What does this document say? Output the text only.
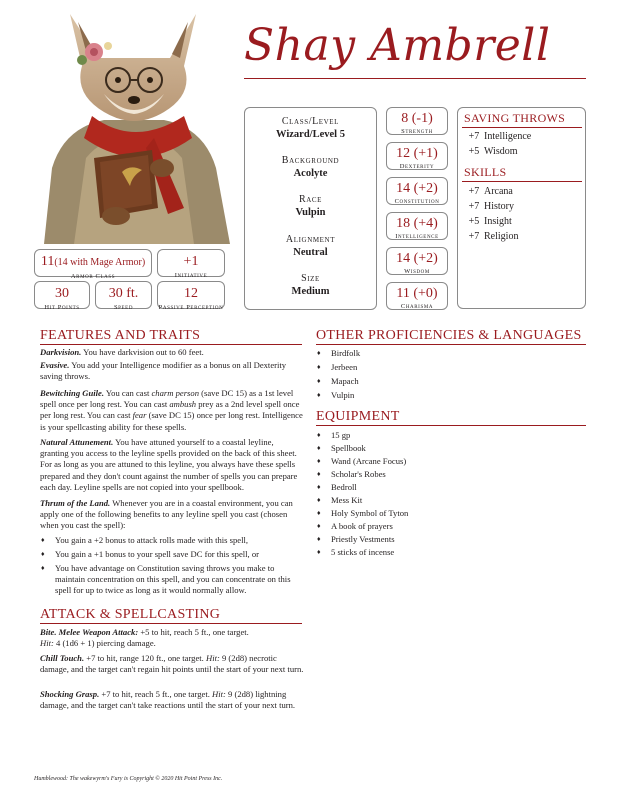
Shay Ambrell
11(14 with Mage Armor)
Armor Class
+1
Initiative
30
Hit Points
30 ft.
Speed
12
Passive Perception
Class/Level
Wizard/Level 5
Background
Acolyte
Race
Vulpin
Alignment
Neutral
Size
Medium
8 (-1)
Strength
12 (+1)
Dexterity
14 (+2)
Constitution
18 (+4)
Intelligence
14 (+2)
Wisdom
11 (+0)
Charisma
SAVING THROWS
+7 Intelligence
+5 Wisdom
SKILLS
+7 Arcana
+7 History
+5 Insight
+7 Religion
FEATURES AND TRAITS
Darkvision. You have darkvision out to 60 feet.
Evasive. You add your Intelligence modifier as a bonus on all Dexterity saving throws.
Bewitching Guile. You can cast charm person (save DC 15) as a 1st level spell once per long rest. You can cast ambush prey as a 2nd level spell once per long rest. You can cast fear (save DC 15) once per long rest. Intelligence is your spellcasting ability for these spells.
Natural Attunement. You have attuned yourself to a coastal leyline, granting you access to the leyline spells provided on the back of this sheet. For as long as you are attuned to this leyline, you always have these spells prepared and they don't count against the number of spells you can prepare each day. Leyline spells are not copied into your spellbook.
Thrum of the Land. Whenever you are in a coastal environment, you can apply one of the following benefits to any leyline spell you cast (chosen when you cast the spell):
♦ You gain a +2 bonus to attack rolls made with this spell,
♦ You gain a +1 bonus to your spell save DC for this spell, or
♦ You have advantage on Constitution saving throws you make to maintain concentration on this spell, and you can concentrate on this spell for up to twice as long as it would normally allow.
ATTACK & SPELLCASTING
Bite. Melee Weapon Attack: +5 to hit, reach 5 ft., one target.
Hit: 4 (1d6 + 1) piercing damage.
Chill Touch. +7 to hit, range 120 ft., one target. Hit: 9 (2d8) necrotic damage, and the target can't regain hit points until the start of your next turn.
Shocking Grasp. +7 to hit, reach 5 ft., one target. Hit: 9 (2d8) lightning damage, and the target can't take reactions until the start of your next turn.
OTHER PROFICIENCIES & LANGUAGES
♦ Birdfolk
♦ Jerbeen
♦ Mapach
♦ Vulpin
EQUIPMENT
♦ 15 gp
♦ Spellbook
♦ Wand (Arcane Focus)
♦ Scholar's Robes
♦ Bedroll
♦ Mess Kit
♦ Holy Symbol of Tyton
♦ A book of prayers
♦ Priestly Vestments
♦ 5 sticks of incense
Humblewood: The wakewyrm's Fury is Copyright © 2020 Hit Point Press Inc.
